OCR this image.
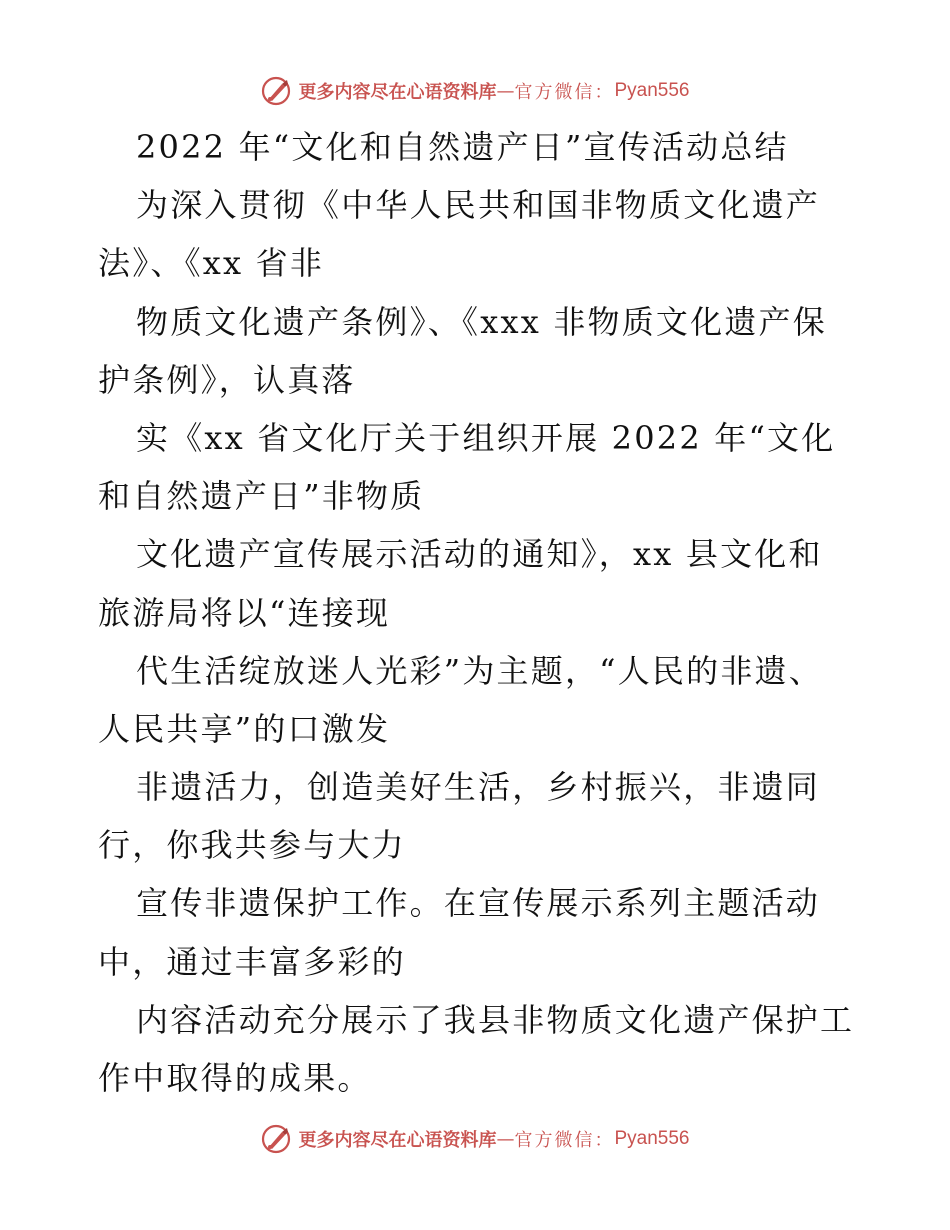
更多内容尽在心语资料库 — 官方微信： Pyan556
2022 年“文化和自然遗产日”宣传活动总结
为深入贯彻《中华人民共和国非物质文化遗产
法》、《xx 省非
物质文化遗产条例》、《xxx 非物质文化遗产保
护条例》，认真落
实《xx 省文化厅关于组织开展 2022 年“文化
和自然遗产日”非物质
文化遗产宣传展示活动的通知》，xx 县文化和
旅游局将以“连接现
代生活绽放迷人光彩”为主题，“人民的非遗、
人民共享”的口激发
非遗活力，创造美好生活，乡村振兴，非遗同
行，你我共参与大力
宣传非遗保护工作。在宣传展示系列主题活动
中，通过丰富多彩的
内容活动充分展示了我县非物质文化遗产保护工
作中取得的成果。
更多内容尽在心语资料库 — 官方微信： Pyan556
